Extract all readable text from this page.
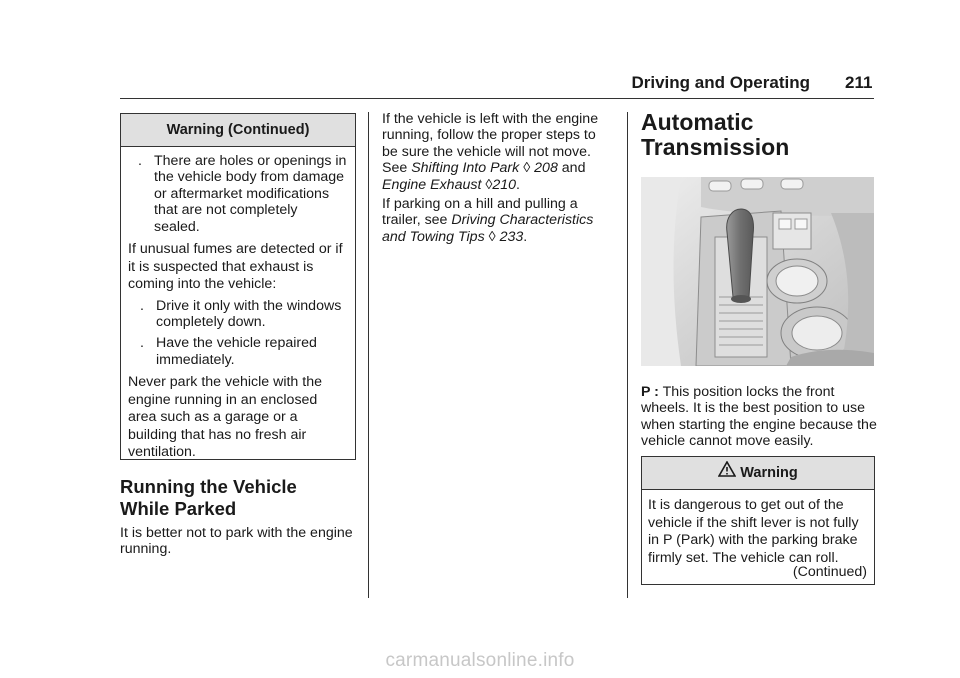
Driving and Operating 211
Warning (Continued)
. There are holes or openings in the vehicle body from damage or aftermarket modifications that are not completely sealed.
If unusual fumes are detected or if it is suspected that exhaust is coming into the vehicle:
. Drive it only with the windows completely down.
. Have the vehicle repaired immediately.
Never park the vehicle with the engine running in an enclosed area such as a garage or a building that has no fresh air ventilation.
Running the Vehicle
While Parked
It is better not to park with the engine running.
If the vehicle is left with the engine running, follow the proper steps to be sure the vehicle will not move. See Shifting Into Park ◊ 208 and Engine Exhaust ◊210.
If parking on a hill and pulling a trailer, see Driving Characteristics and Towing Tips ◊ 233.
Automatic
Transmission
P : This position locks the front wheels. It is the best position to use when starting the engine because the vehicle cannot move easily.
Warning
It is dangerous to get out of the vehicle if the shift lever is not fully in P (Park) with the parking brake firmly set. The vehicle can roll.
(Continued)
carmanualsonline.info
